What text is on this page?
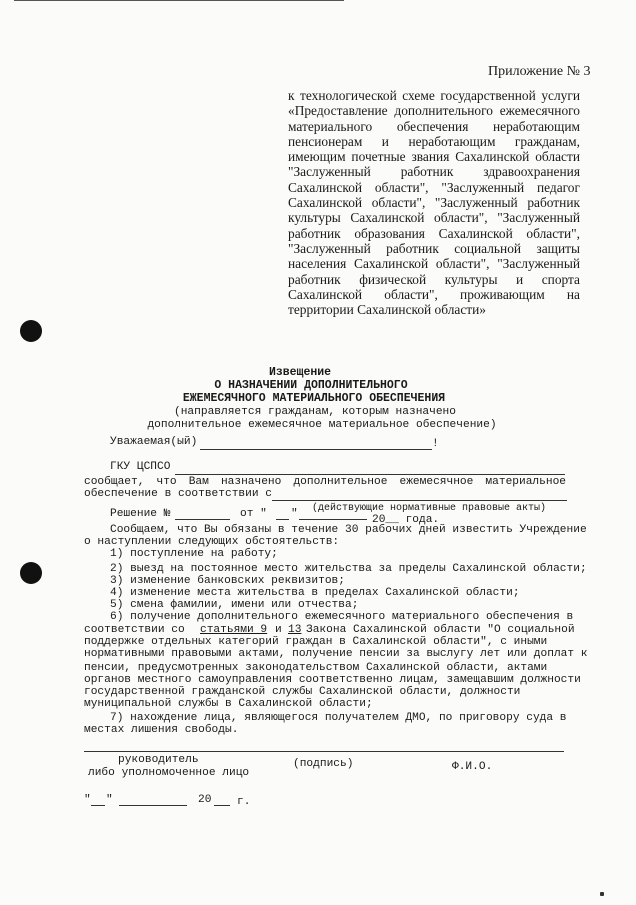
Приложение № 3

к технологической схеме государственной услуги

«Предоставление дополнительного ежемесячного

материального обеспечения неработающим

пенсионерам и неработающим гражданам,

имеющим почетные звания Сахалинской области

"Заслуженный работник здравоохранения

Сахалинской области", "Заслуженный педагог

Сахалинской области", "Заслуженный работник

культуры Сахалинской области", "Заслуженный

работник образования Сахалинской области",

"Заслуженный работник социальной защиты

населения Сахалинской области", "Заслуженный

работник физической культуры и спорта

Сахалинской области", проживающим на

территории Сахалинской области»

Извещение
О НАЗНАЧЕНИИ ДОПОЛНИТЕЛЬНОГО
ЕЖЕМЕСЯЧНОГО МАТЕРИАЛЬНОГО ОБЕСПЕЧЕНИЯ
(направляется гражданам, которым назначено
дополнительное ежемесячное материальное обеспечение)
Уважаемая(ый)	!
ГКУ ЦСПСО
сообщает, что Вам назначено дополнительное ежемесячное материальное
обеспечение в соответствии с
(действующие нормативные правовые акты)
Решение №	от " "	20__ года.
Сообщаем, что Вы обязаны в течение 30 рабочих дней известить Учреждение
о наступлении следующих обстоятельств:
1) поступление на работу;
2) выезд на постоянное место жительства за пределы Сахалинской области;
3) изменение банковских реквизитов;
4) изменение места жительства в пределах Сахалинской области;
5) смена фамилии, имени или отчества;
6) получение дополнительного ежемесячного материального обеспечения в
соответствии со статьями 9 и 13 Закона Сахалинской области "О социальной
поддержке отдельных категорий граждан в Сахалинской области", с иными
нормативными правовыми актами, получение пенсии за выслугу лет или доплат к
пенсии, предусмотренных законодательством Сахалинской области, актами
органов местного самоуправления соответственно лицам, замещавшим должности
государственной гражданской службы Сахалинской области, должности
муниципальной службы в Сахалинской области;
7) нахождение лица, являющегося получателем ДМО, по приговору суда в
местах лишения свободы.
руководитель	(подпись)	Ф.И.О.
либо уполномоченное лицо
" "	20 г.
